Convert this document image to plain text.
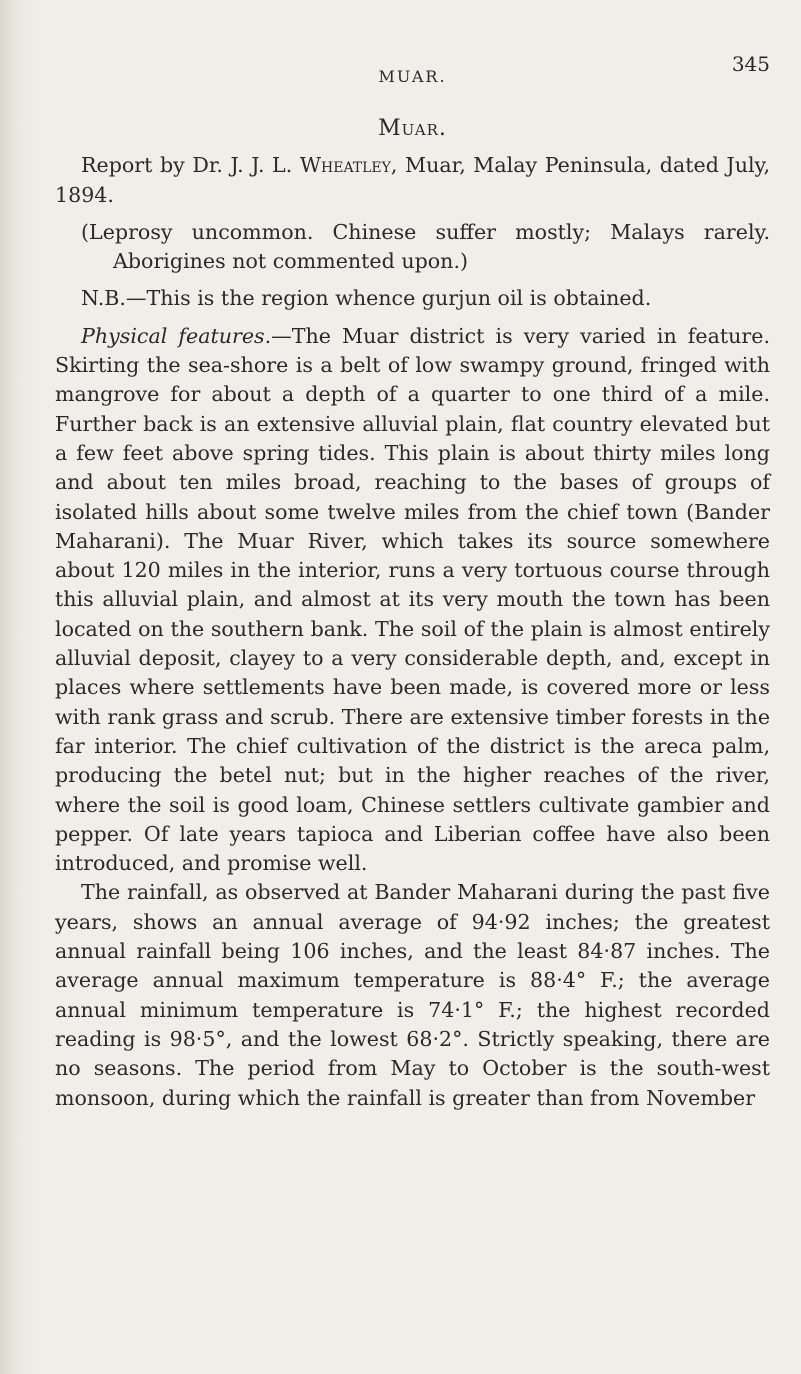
MUAR.
345
Muar.

Report by Dr. J. J. L. Wheatley, Muar, Malay Peninsula, dated July, 1894.

(Leprosy uncommon. Chinese suffer mostly; Malays rarely. Aborigines not commented upon.)

N.B.—This is the region whence gurjun oil is obtained.

Physical features.—The Muar district is very varied in feature. Skirting the sea-shore is a belt of low swampy ground, fringed with mangrove for about a depth of a quarter to one third of a mile. Further back is an extensive alluvial plain, flat country elevated but a few feet above spring tides. This plain is about thirty miles long and about ten miles broad, reaching to the bases of groups of isolated hills about some twelve miles from the chief town (Bander Maharani). The Muar River, which takes its source somewhere about 120 miles in the interior, runs a very tortuous course through this alluvial plain, and almost at its very mouth the town has been located on the southern bank. The soil of the plain is almost entirely alluvial deposit, clayey to a very considerable depth, and, except in places where settlements have been made, is covered more or less with rank grass and scrub. There are extensive timber forests in the far interior. The chief cultivation of the district is the areca palm, producing the betel nut; but in the higher reaches of the river, where the soil is good loam, Chinese settlers cultivate gambier and pepper. Of late years tapioca and Liberian coffee have also been introduced, and promise well.

The rainfall, as observed at Bander Maharani during the past five years, shows an annual average of 94·92 inches; the greatest annual rainfall being 106 inches, and the least 84·87 inches. The average annual maximum temperature is 88·4° F.; the average annual minimum temperature is 74·1° F.; the highest recorded reading is 98·5°, and the lowest 68·2°. Strictly speaking, there are no seasons. The period from May to October is the south-west monsoon, during which the rainfall is greater than from November
